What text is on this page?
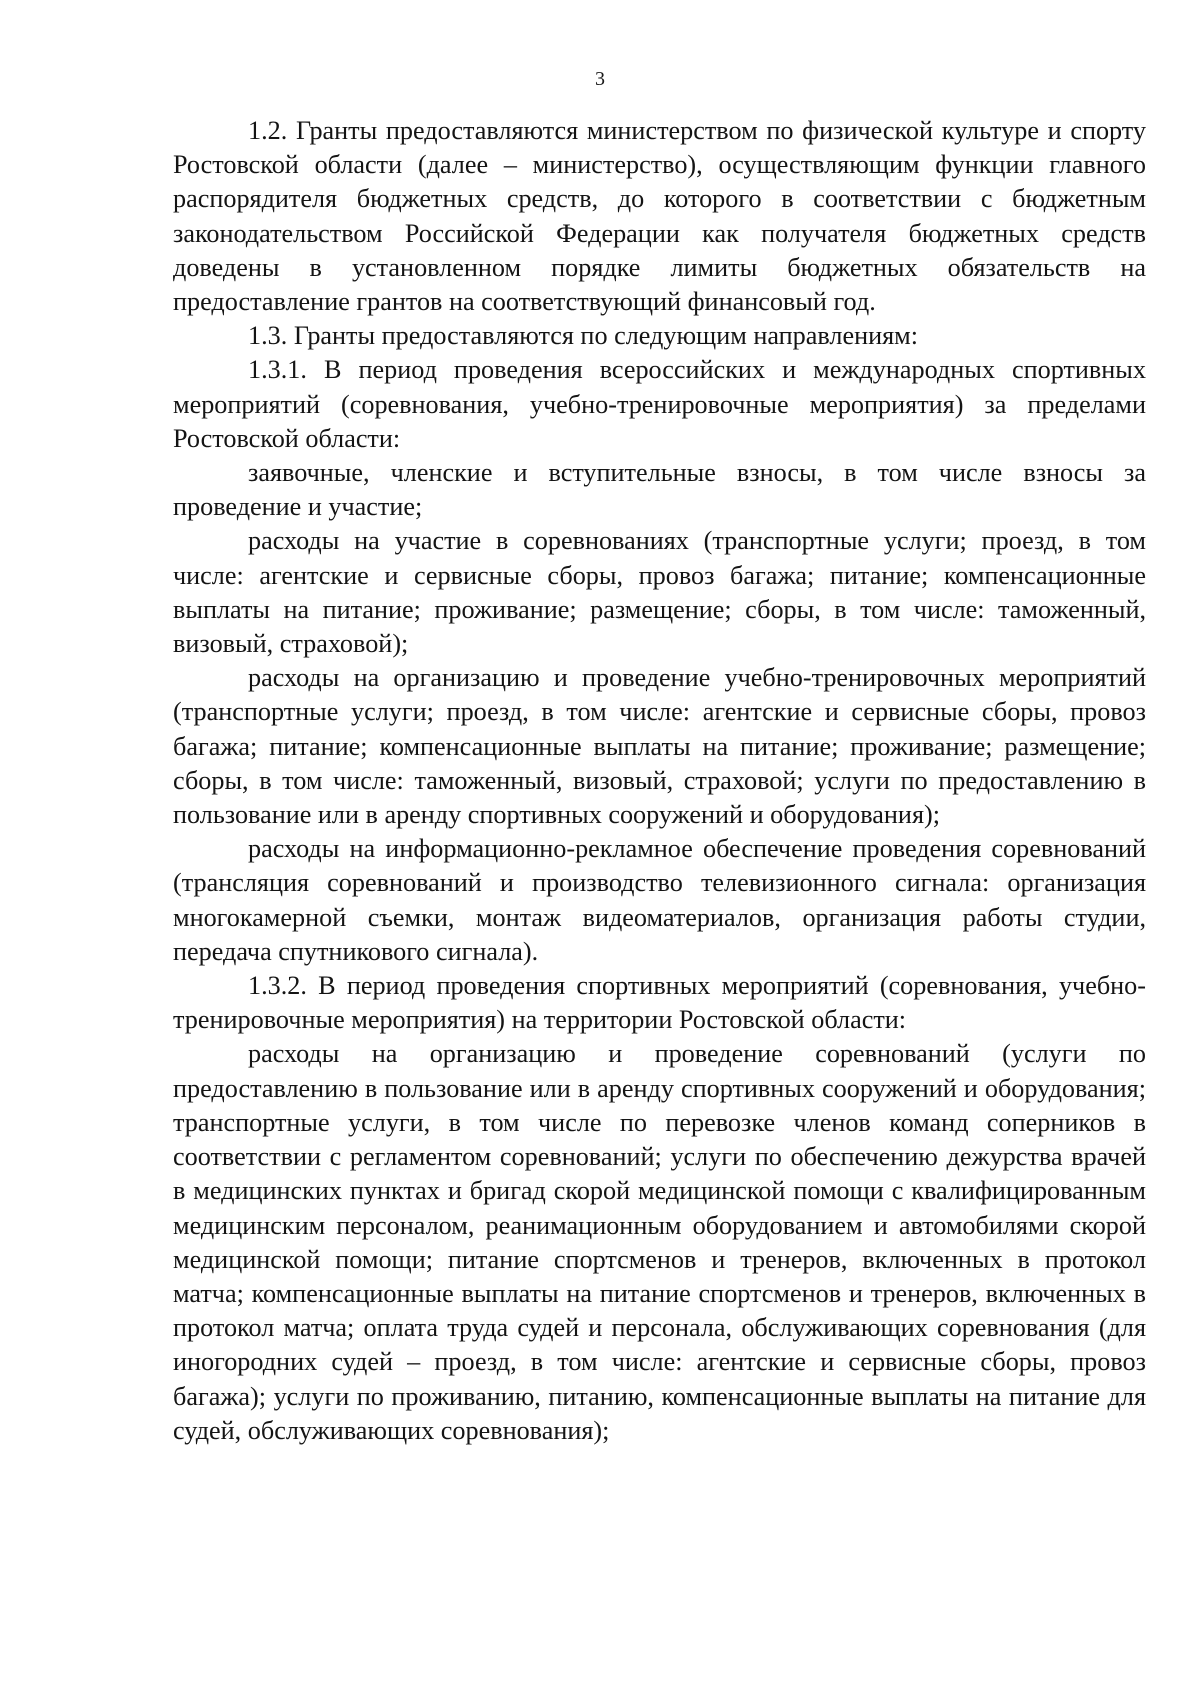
3

1.2. Гранты предоставляются министерством по физической культуре и спорту Ростовской области (далее – министерство), осуществляющим функции главного распорядителя бюджетных средств, до которого в соответствии с бюджетным законодательством Российской Федерации как получателя бюджетных средств доведены в установленном порядке лимиты бюджетных обязательств на предоставление грантов на соответствующий финансовый год.

1.3. Гранты предоставляются по следующим направлениям:

1.3.1. В период проведения всероссийских и международных спортивных мероприятий (соревнования, учебно-тренировочные мероприятия) за пределами Ростовской области:

заявочные, членские и вступительные взносы, в том числе взносы за проведение и участие;

расходы на участие в соревнованиях (транспортные услуги; проезд, в том числе: агентские и сервисные сборы, провоз багажа; питание; компенсационные выплаты на питание; проживание; размещение; сборы, в том числе: таможенный, визовый, страховой);

расходы на организацию и проведение учебно-тренировочных мероприятий (транспортные услуги; проезд, в том числе: агентские и сервисные сборы, провоз багажа; питание; компенсационные выплаты на питание; проживание; размещение; сборы, в том числе: таможенный, визовый, страховой; услуги по предоставлению в пользование или в аренду спортивных сооружений и оборудования);

расходы на информационно-рекламное обеспечение проведения соревнований (трансляция соревнований и производство телевизионного сигнала: организация многокамерной съемки, монтаж видеоматериалов, организация работы студии, передача спутникового сигнала).

1.3.2. В период проведения спортивных мероприятий (соревнования, учебно-тренировочные мероприятия) на территории Ростовской области:

расходы на организацию и проведение соревнований (услуги по предоставлению в пользование или в аренду спортивных сооружений и оборудования; транспортные услуги, в том числе по перевозке членов команд соперников в соответствии с регламентом соревнований; услуги по обеспечению дежурства врачей в медицинских пунктах и бригад скорой медицинской помощи с квалифицированным медицинским персоналом, реанимационным оборудованием и автомобилями скорой медицинской помощи; питание спортсменов и тренеров, включенных в протокол матча; компенсационные выплаты на питание спортсменов и тренеров, включенных в протокол матча; оплата труда судей и персонала, обслуживающих соревнования (для иногородних судей – проезд, в том числе: агентские и сервисные сборы, провоз багажа); услуги по проживанию, питанию, компенсационные выплаты на питание для судей, обслуживающих соревнования);
